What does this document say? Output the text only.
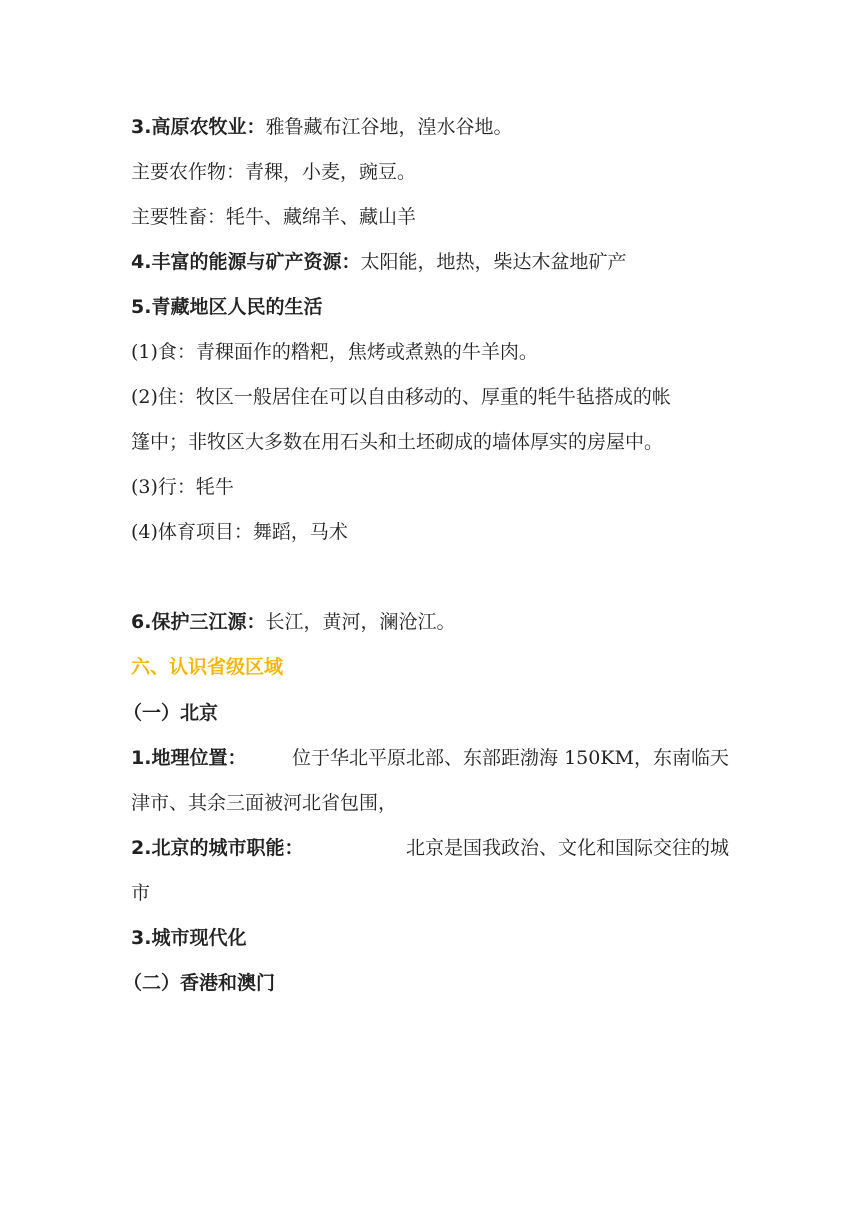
3.高原农牧业：雅鲁藏布江谷地，湟水谷地。
主要农作物：青稞，小麦，豌豆。
主要牲畜：牦牛、藏绵羊、藏山羊
4.丰富的能源与矿产资源：太阳能，地热，柴达木盆地矿产
5.青藏地区人民的生活
(1)食：青稞面作的糌粑，焦烤或煮熟的牛羊肉。
(2)住：牧区一般居住在可以自由移动的、厚重的牦牛毡搭成的帐
篷中；非牧区大多数在用石头和土坯砌成的墙体厚实的房屋中。
(3)行：牦牛
(4)体育项目：舞蹈，马术
6.保护三江源：长江，黄河，澜沧江。
六、认识省级区域
（一）北京
1.地理位置： 位于华北平原北部、东部距渤海 150KM，东南临天
津市、其余三面被河北省包围，
2.北京的城市职能：	北京是国我政治、文化和国际交往的城
市
3.城市现代化
（二）香港和澳门
